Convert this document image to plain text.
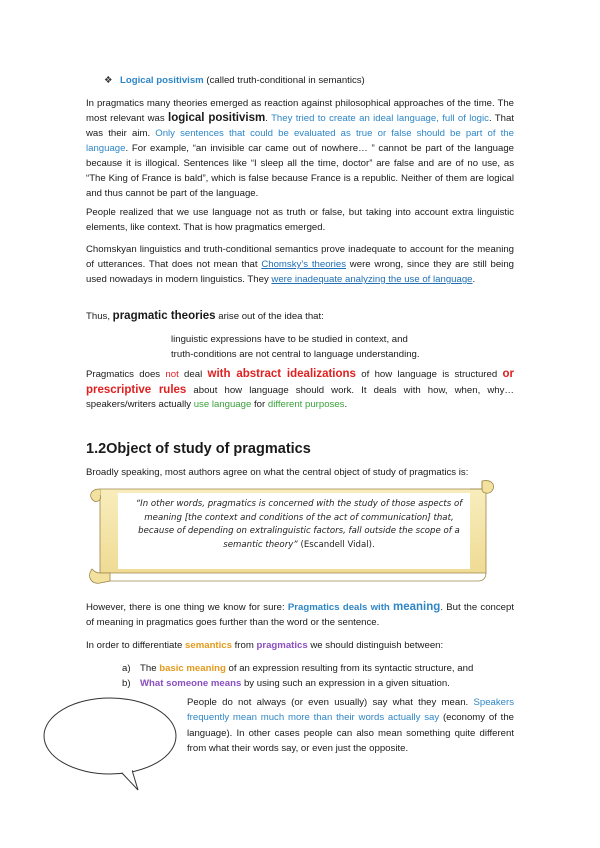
❖ Logical positivism (called truth-conditional in semantics)

In pragmatics many theories emerged as reaction against philosophical approaches of the time. The most relevant was logical positivism. They tried to create an ideal language, full of logic. That was their aim. Only sentences that could be evaluated as true or false should be part of the language. For example, “an invisible car came out of nowhere… ” cannot be part of the language because it is illogical. Sentences like “I sleep all the time, doctor” are false and are of no use, as “The King of France is bald”, which is false because France is a republic. Neither of them are logical and thus cannot be part of the language.

People realized that we use language not as truth or false, but taking into account extra linguistic elements, like context. That is how pragmatics emerged.

Chomskyan linguistics and truth-conditional semantics prove inadequate to account for the meaning of utterances. That does not mean that Chomsky’s theories were wrong, since they are still being used nowadays in modern linguistics. They were inadequate analyzing the use of language.

Thus, pragmatic theories arise out of the idea that:

linguistic expressions have to be studied in context, and

truth-conditions are not central to language understanding.

Pragmatics does not deal with abstract idealizations of how language is structured or prescriptive rules about how language should work. It deals with how, when, why… speakers/writers actually use language for different purposes.

1.2Object of study of pragmatics

Broadly speaking, most authors agree on what the central object of study of pragmatics is:

“In other words, pragmatics is concerned with the study of those aspects of meaning [the context and conditions of the act of communication] that, because of depending on extralinguistic factors, fall outside the scope of a semantic theory” (Escandell Vidal).

However, there is one thing we know for sure: Pragmatics deals with meaning. But the concept of meaning in pragmatics goes further than the word or the sentence.

In order to differentiate semantics from pragmatics we should distinguish between:

a) The basic meaning of an expression resulting from its syntactic structure, and

b) What someone means by using such an expression in a given situation.

People do not always (or even usually) say what they mean. Speakers frequently mean much more than their words actually say (economy of the language). In other cases people can also mean something quite different from what their words say, or even just the opposite.
